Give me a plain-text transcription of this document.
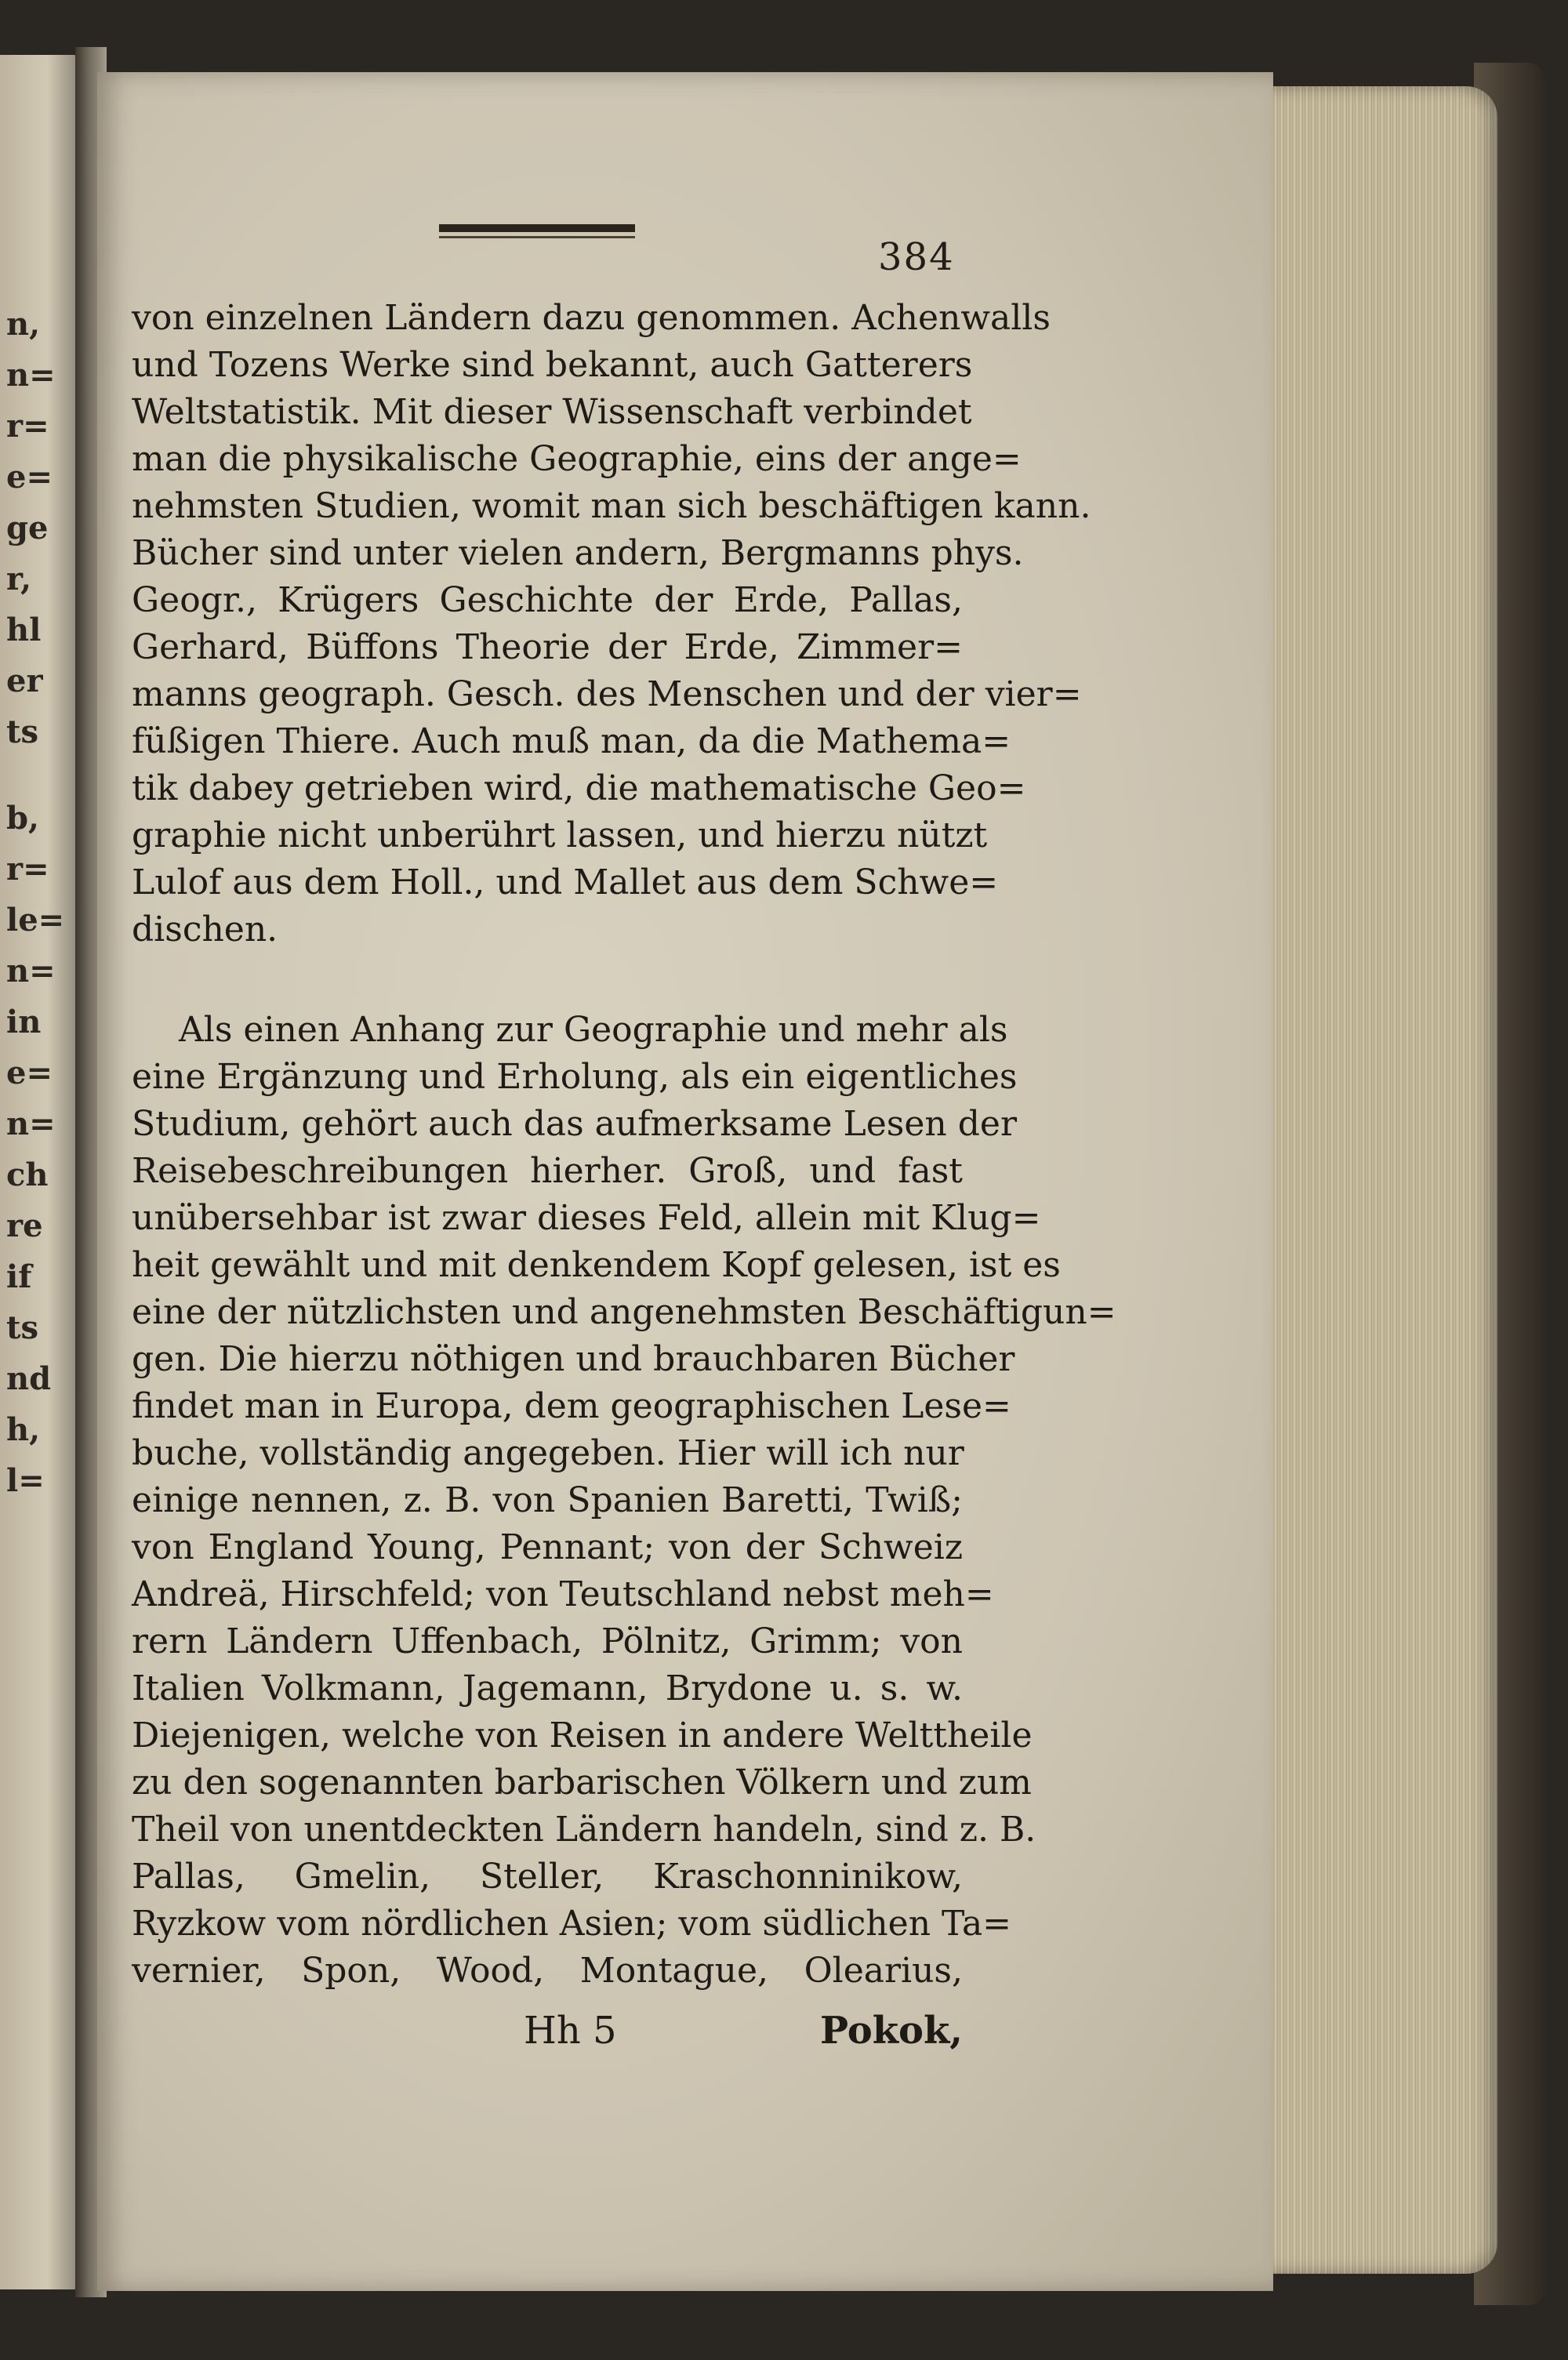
n,
n=
r=
e=
ge
r,
hl
er
ts
b,
r=
le=
n=
in
e=
n=
ch
re
if
ts
nd
h,
l=
384
von einzelnen Ländern dazu genommen. Achenwalls
und Tozens Werke sind bekannt, auch Gatterers
Weltstatistik. Mit dieser Wissenschaft verbindet
man die physikalische Geographie, eins der ange=
nehmsten Studien, womit man sich beschäftigen kann.
Bücher sind unter vielen andern, Bergmanns phys.
Geogr., Krügers Geschichte der Erde, Pallas,
Gerhard, Büffons Theorie der Erde, Zimmer=
manns geograph. Gesch. des Menschen und der vier=
füßigen Thiere. Auch muß man, da die Mathema=
tik dabey getrieben wird, die mathematische Geo=
graphie nicht unberührt lassen, und hierzu nützt
Lulof aus dem Holl., und Mallet aus dem Schwe=
dischen.
Als einen Anhang zur Geographie und mehr als
eine Ergänzung und Erholung, als ein eigentliches
Studium, gehört auch das aufmerksame Lesen der
Reisebeschreibungen hierher. Groß, und fast
unübersehbar ist zwar dieses Feld, allein mit Klug=
heit gewählt und mit denkendem Kopf gelesen, ist es
eine der nützlichsten und angenehmsten Beschäftigun=
gen. Die hierzu nöthigen und brauchbaren Bücher
findet man in Europa, dem geographischen Lese=
buche, vollständig angegeben. Hier will ich nur
einige nennen, z. B. von Spanien Baretti, Twiß;
von England Young, Pennant; von der Schweiz
Andreä, Hirschfeld; von Teutschland nebst meh=
rern Ländern Uffenbach, Pölnitz, Grimm; von
Italien Volkmann, Jagemann, Brydone u. s. w.
Diejenigen, welche von Reisen in andere Welttheile
zu den sogenannten barbarischen Völkern und zum
Theil von unentdeckten Ländern handeln, sind z. B.
Pallas, Gmelin, Steller, Kraschonninikow,
Ryzkow vom nördlichen Asien; vom südlichen Ta=
vernier, Spon, Wood, Montague, Olearius,
Hh 5	Pokok,
